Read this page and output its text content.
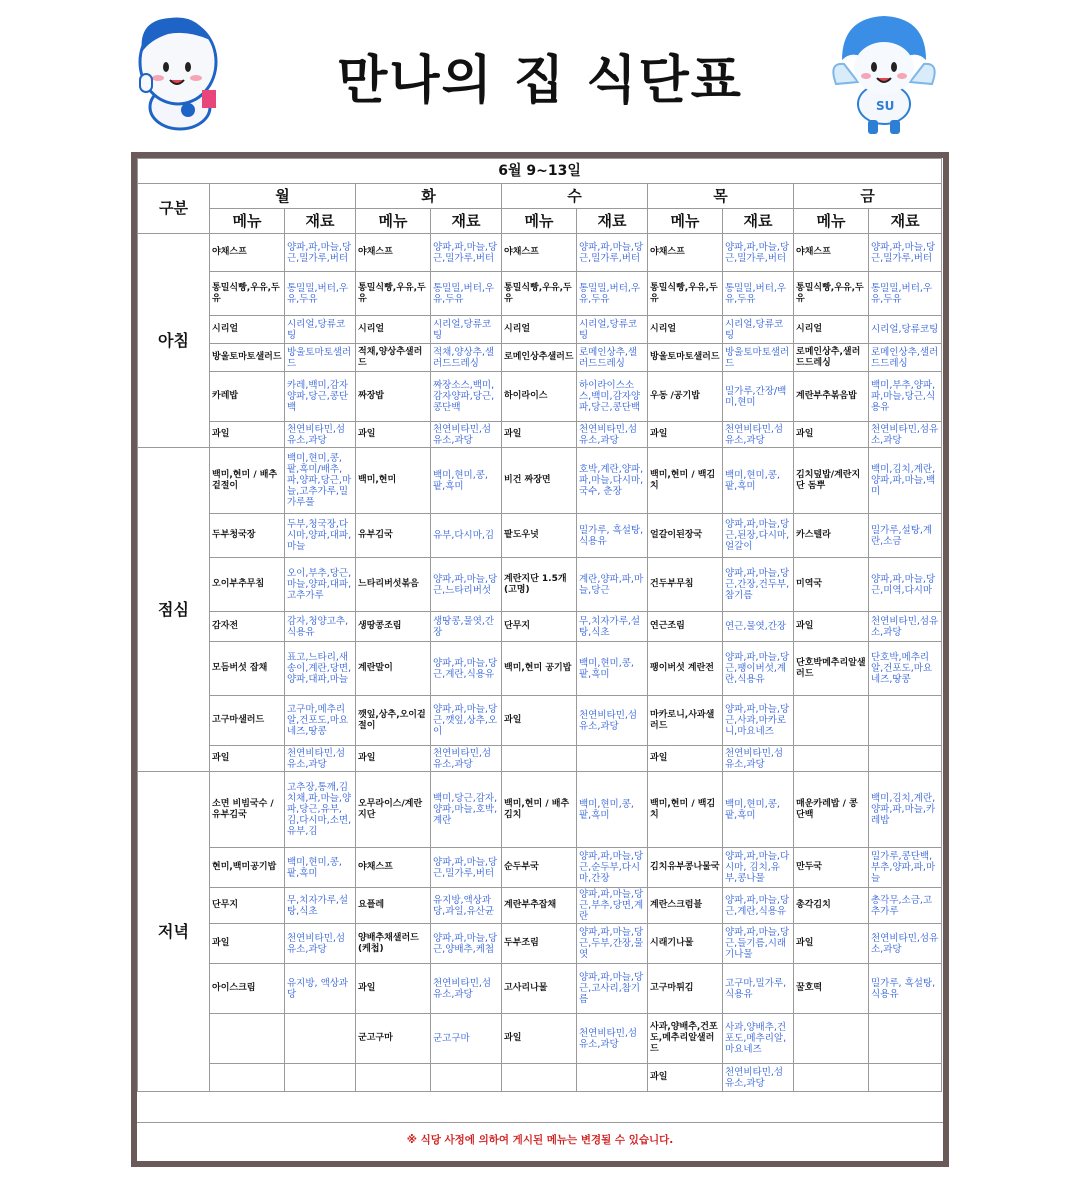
만나의 집 식단표	SU
6월 9~13일										
구분	월		화		수		목		금	
	메뉴	재료	메뉴	재료	메뉴	재료	메뉴	재료	메뉴	재료
아침	야채스프	양파,파,마늘,당근,밀가루,버터	야채스프	양파,파,마늘,당근,밀가루,버터	야채스프	양파,파,마늘,당근,밀가루,버터	야채스프	양파,파,마늘,당근,밀가루,버터	야채스프	양파,파,마늘,당근,밀가루,버터
	통밀식빵,우유,두유	통밀밀,버터,우유,두유	통밀식빵,우유,두유	통밀밀,버터,우유,두유	통밀식빵,우유,두유	통밀밀,버터,우유,두유	통밀식빵,우유,두유	통밀밀,버터,우유,두유	통밀식빵,우유,두유	통밀밀,버터,우유,두유
	시리얼	시리얼,당류코팅	시리얼	시리얼,당류코팅	시리얼	시리얼,당류코팅	시리얼	시리얼,당류코팅	시리얼	시리얼,당류코팅
	방울토마토샐러드	방울토마토샐러드	적채,양상추샐러드	적채,양상추,샐러드드레싱	로메인상추샐러드	로메인상추,샐러드드레싱	방울토마토샐러드	방울토마토샐러드	로메인상추,샐러드드레싱	로메인상추,샐러드드레싱
	카레밥	카레,백미,감자양파,당근,콩단백	짜장밥	짜장소스,백미,감자양파,당근,콩단백	하이라이스	하이라이스소스,백미,감자양파,당근,콩단백	우동 /공기밥	밀가루,간장/백미,현미	계란부추볶음밥	백미,부추,양파,파,마늘,당근,식용유
	과일	천연비타민,섬유소,과당	과일	천연비타민,섬유소,과당	과일	천연비타민,섬유소,과당	과일	천연비타민,섬유소,과당	과일	천연비타민,섬유소,과당
점심	백미,현미 / 배추겉절이	백미,현미,콩,팥,흑미/배추,파,양파,당근,마늘,고추가루,밀가루풀	백미,현미	백미,현미,콩,팥,흑미	비건 짜장면	호박,계란,양파,파,마늘,다시마,국수, 춘장	백미,현미 / 백김치	백미,현미,콩,팥,흑미	김치덮밥/계란지단 돔뿌	백미,김치,계란,양파,파,마늘,백미
	두부청국장	두부,청국장,다시마,양파,대파,마늘	유부김국	유부,다시마,김	팥도우넛	밀가루, 흑설탕,식용유	얼갈이된장국	양파,파,마늘,당근,된장,다시마,얼갈이	카스텔라	밀가루,설탕,계란,소금
	오이부추무침	오이,부추,당근,마늘,양파,대파,고추가루	느타리버섯볶음	양파,파,마늘,당근,느타리버섯	계란지단 1.5개 (고명)	계란,양파,파,마늘,당근	건두부무침	양파,파,마늘,당근,간장,건두부,참기름	미역국	양파,파,마늘,당근,미역,다시마
	감자전	감자,청양고추,식용유	생땅콩조림	생땅콩,물엿,간장	단무지	무,치자가루,설탕,식초	연근조림	연근,물엿,간장	과일	천연비타민,섬유소,과당
	모듬버섯 잡채	표고,느타리,새송이,계란,당면,양파,대파,마늘	계란말이	양파,파,마늘,당근,계란,식용유	백미,현미 공기밥	백미,현미,콩,팥,흑미	팽이버섯 계란전	양파,파,마늘,당근,팽이버섯,계란,식용유	단호박메추리알샐러드	단호박,메추리알,건포도,마요네즈,땅콩
	고구마샐러드	고구마,메추리알,건포도,마요네즈,땅콩	깻잎,상추,오이겉절이	양파,파,마늘,당근,깻잎,상추,오이	과일	천연비타민,섬유소,과당	마카로니,사과샐러드	양파,파,마늘,당근,사과,마카로니,마요네즈		
	과일	천연비타민,섬유소,과당	과일	천연비타민,섬유소,과당			과일	천연비타민,섬유소,과당		
저녁	소면 비빔국수 / 유부김국	고추장,통깨,김치채,파,마늘,양파,당근,유부,김,다시마,소면,유부,김	오무라이스/계란지단	백미,당근,감자,양파,마늘,호박,계란	백미,현미 / 배추김치	백미,현미,콩,팥,흑미	백미,현미 / 백김치	백미,현미,콩,팥,흑미	매운카레밥 / 콩단백	백미,김치,계란,양파,파,마늘,카레밥
	현미,백미공기밥	백미,현미,콩,팥,흑미	야채스프	양파,파,마늘,당근,밀가루,버터	순두부국	양파,파,마늘,당근,순두부,다시마,간장	김치유부콩나물국	양파,파,마늘,다시마, 김치,유부,콩나물	만두국	밀가루,콩단백,부추,양파,파,마늘
	단무지	무,치자가루,설탕,식초	요플레	유지방,액상과당,과일,유산균	계란부추잡채	양파,파,마늘,당근,부추,당면,계란	계란스크럼블	양파,파,마늘,당근,계란,식용유	총각김치	총각무,소금,고추가루
	과일	천연비타민,섬유소,과당	양배추채샐러드(케첩)	양파,파,마늘,당근,양배추,케첩	두부조림	양파,파,마늘,당근,두부,간장,물엿	시래기나물	양파,파,마늘,당근,들기름,시래기나물	과일	천연비타민,섬유소,과당
	아이스크림	유지방, 액상과당	과일	천연비타민,섬유소,과당	고사리나물	양파,파,마늘,당근,고사리,참기름	고구마튀김	고구마,밀가루,식용유	꿀호떡	밀가루, 흑설탕,식용유
			군고구마	군고구마	과일	천연비타민,섬유소,과당	사과,양배추,건포도,메추리알샐러드	사과,양배추,건포도,메추리알,마요네즈		
							과일	천연비타민,섬유소,과당		
※ 식당 사정에 의하여 게시된 메뉴는 변경될 수 있습니다.
